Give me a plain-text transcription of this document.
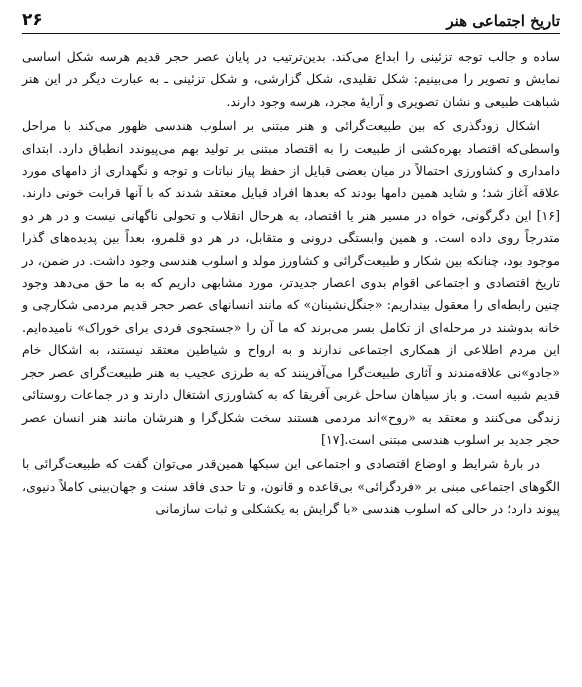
تاریخ اجتماعی هنر
۲۶

ساده و جالب توجه تزئینی را ابداع می‌کند. بدین‌ترتیب در پایان عصر حجر قدیم هرسه شکل اساسی نمایش و تصویر را می‌بینیم: شکل تقلیدی، شکل گزارشی، و شکل تزئینی ـ به عبارت دیگر در این هنر شباهت طبیعی و نشان تصویری و آرایهٔ مجرد، هرسه وجود دارند.

اشکال زودگذری که بین طبیعت‌گرائی و هنر مبتنی بر اسلوب هندسی ظهور می‌کند با مراحل واسطی‌که اقتصاد بهره‌کشی از طبیعت را به اقتصاد مبتنی بر تولید بهم می‌پیوندد انطباق دارد. ابتدای دامداری و کشاورزی احتمالاً در میان بعضی قبایل از حفظ پیاز نباتات و توجه و نگهداری از دامهای مورد علاقه آغاز شد؛ و شاید همین دامها بودند که بعدها افراد قبایل معتقد شدند که با آنها قرابت خونی دارند.[۱۶] این دگرگونی، خواه در مسیر هنر یا اقتصاد، به هرحال انقلاب و تحولی ناگهانی نیست و در هر دو متدرجاً روی داده است. و همین وابستگی درونی و متقابل، در هر دو قلمرو، بعداً بین پدیده‌های گذرا موجود بود، چنانکه بین شکار و طبیعت‌گرائی و کشاورز مولد و اسلوب هندسی وجود داشت. در ضمن، در تاریخ اقتصادی و اجتماعی اقوام بدوی اعصار جدیدتر، مورد مشابهی داریم که به ما حق می‌دهد وجود چنین رابطه‌ای را معقول بینداریم: «جنگل‌نشینان» که مانند انسانهای عصر حجر قدیم مردمی شکارچی و خانه بدوشند در مرحله‌ای از تکامل بسر می‌برند که ما آن را «جستجوی فردی برای خوراک» نامیده‌ایم. این مردم اطلاعی از همکاری اجتماعی ندارند و به ارواح و شیاطین معتقد نیستند، به اشکال خام «جادو»نی علاقه‌مندند و آثاری طبیعت‌گرا می‌آفرینند که به طرزی عجیب به هنر طبیعت‌گرای عصر حجر قدیم شبیه است. و باز سیاهان ساحل غربی آفریقا که به کشاورزی اشتغال دارند و در جماعات روستائی زندگی می‌کنند و معتقد به «روح»اند مردمی هستند سخت شکل‌گرا و هنرشان مانند هنر انسان عصر حجر جدید بر اسلوب هندسی مبتنی است.[۱۷]

در بارهٔ شرایط و اوضاع اقتصادی و اجتماعی این سبکها همین‌قدر می‌توان گفت که طبیعت‌گرائی با الگوهای اجتماعی مبنی بر «فردگرائی» بی‌قاعده و قانون، و تا حدی فاقد سنت و جهان‌بینی کاملاً دنیوی، پیوند دارد؛ در حالی که اسلوب هندسی «با گرایش به یکشکلی و ثبات سازمانی
